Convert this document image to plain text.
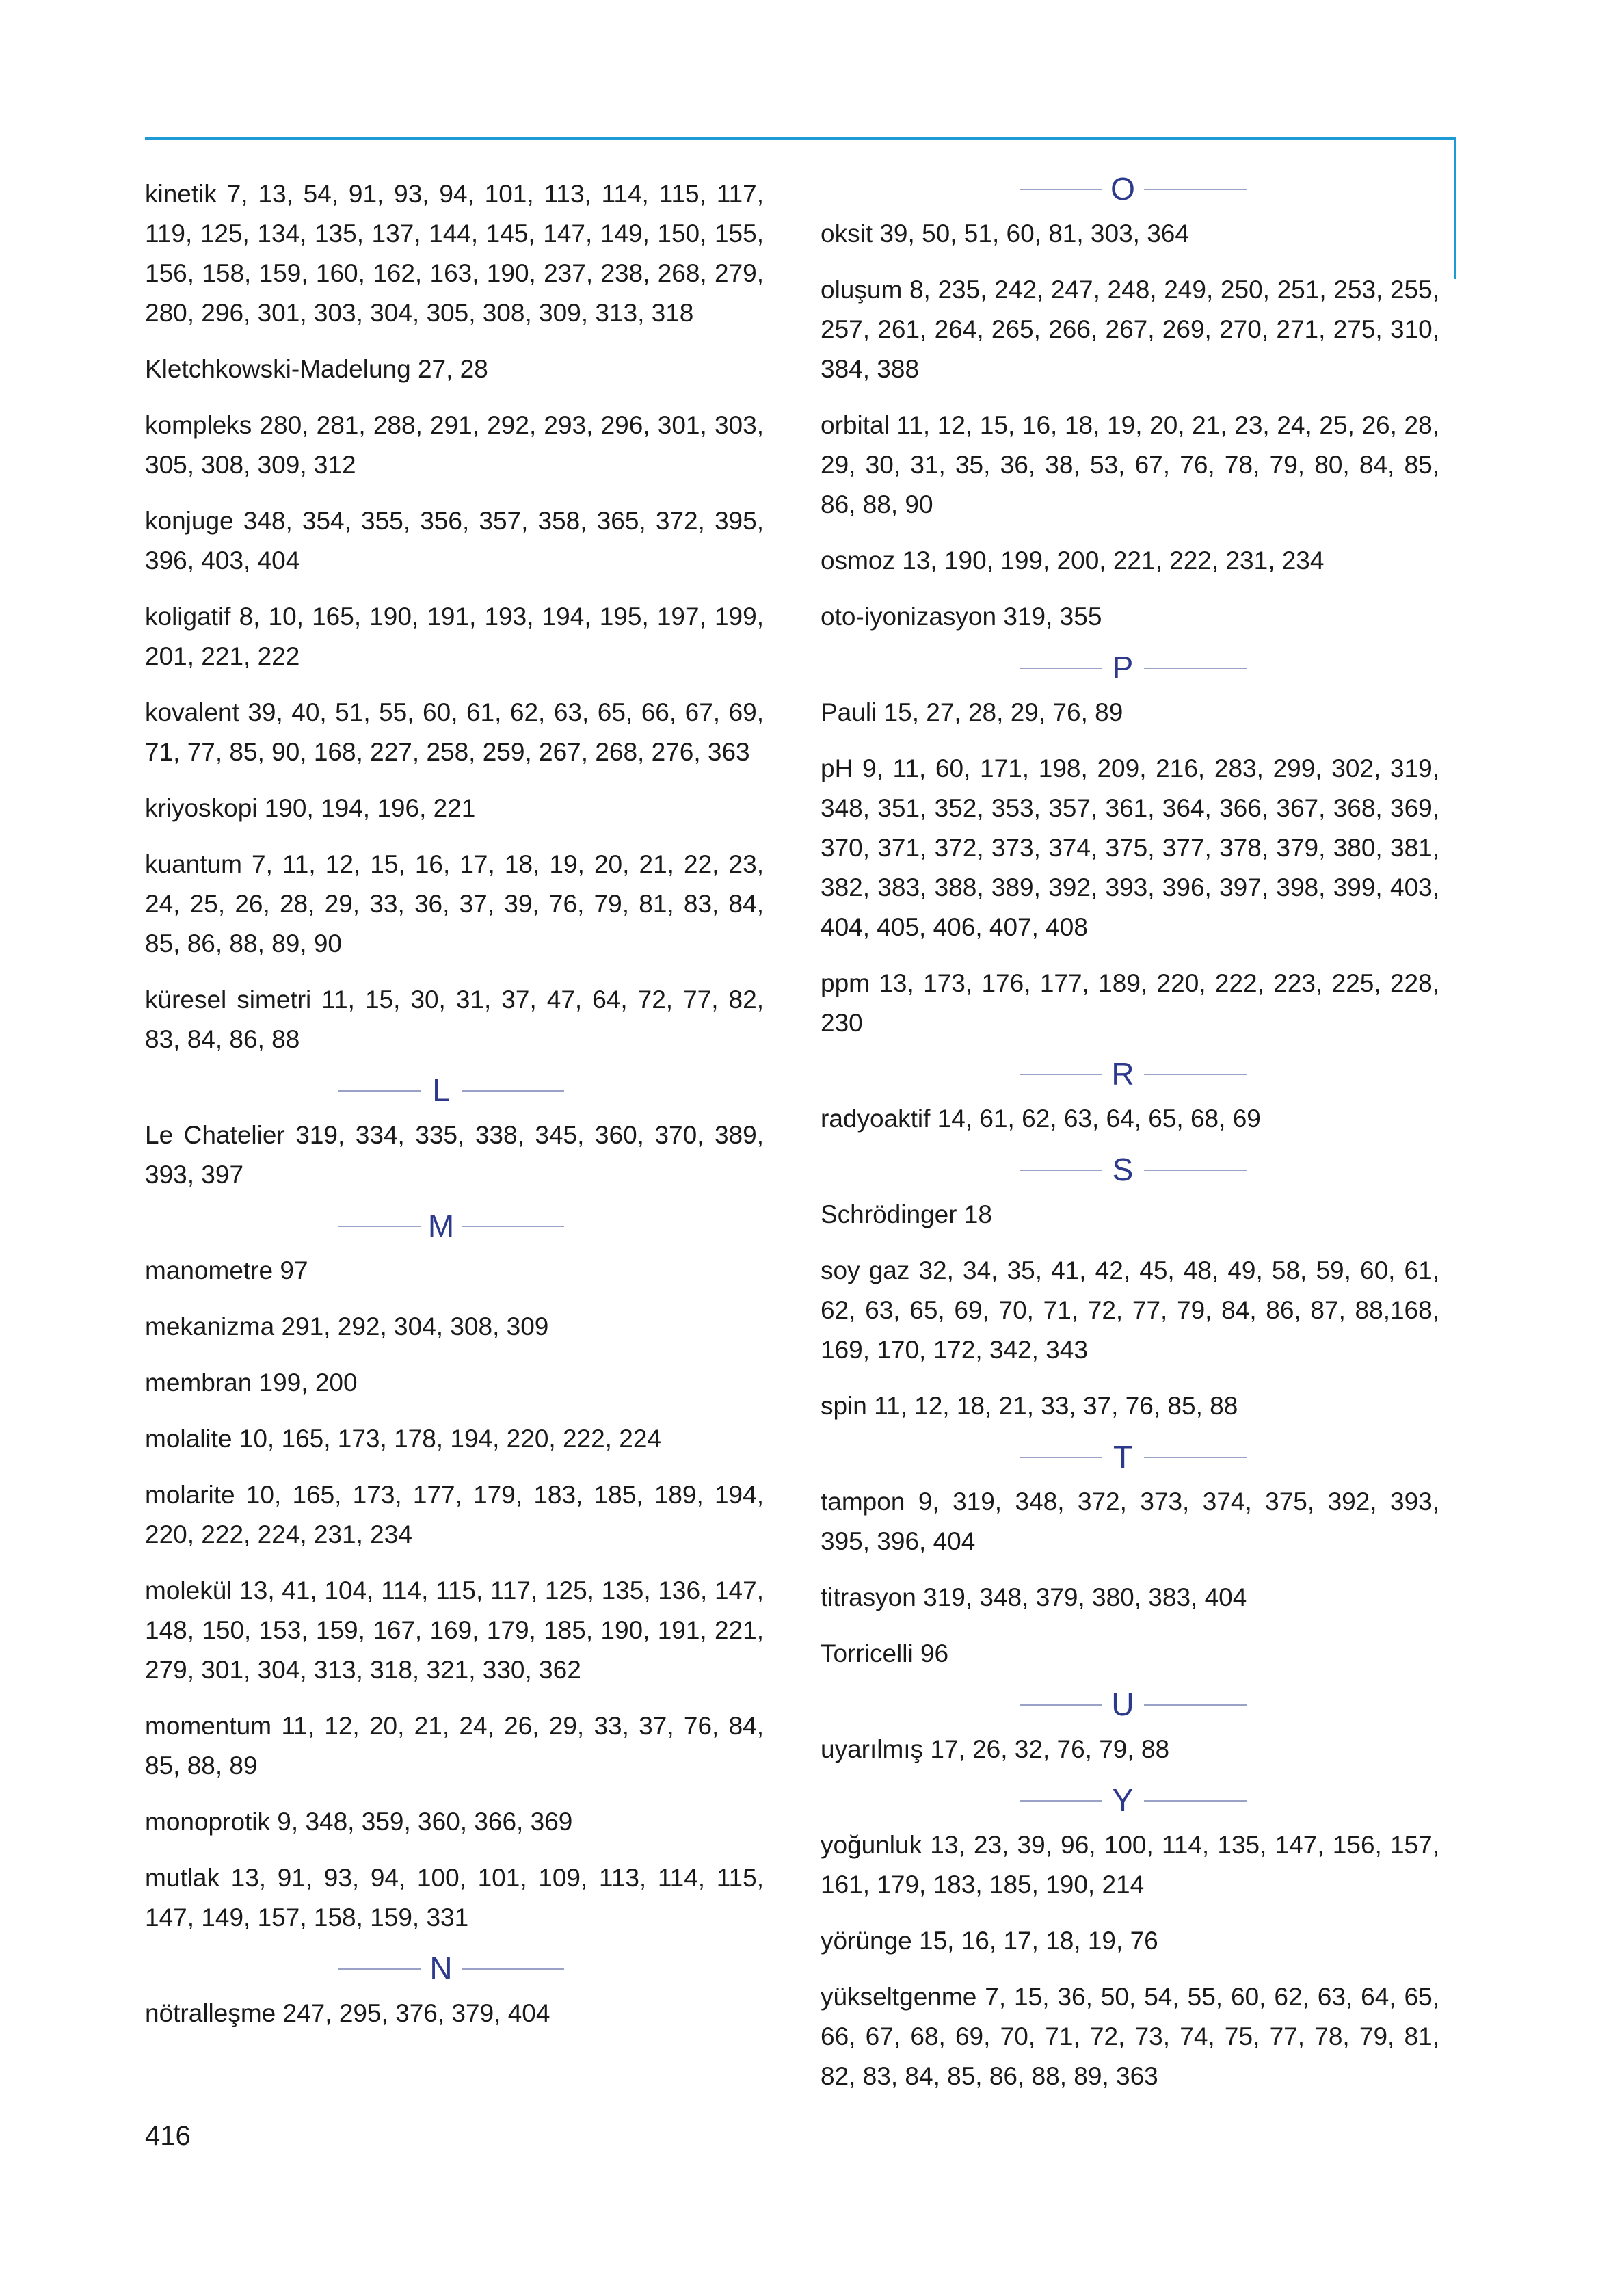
kinetik 7, 13, 54, 91, 93, 94, 101, 113, 114, 115, 117, 119, 125, 134, 135, 137, 144, 145, 147, 149, 150, 155, 156, 158, 159, 160, 162, 163, 190, 237, 238, 268, 279, 280, 296, 301, 303, 304, 305, 308, 309, 313, 318
Kletchkowski-Madelung 27, 28
kompleks 280, 281, 288, 291, 292, 293, 296, 301, 303, 305, 308, 309, 312
konjuge 348, 354, 355, 356, 357, 358, 365, 372, 395, 396, 403, 404
koligatif 8, 10, 165, 190, 191, 193, 194, 195, 197, 199, 201, 221, 222
kovalent 39, 40, 51, 55, 60, 61, 62, 63, 65, 66, 67, 69, 71, 77, 85, 90, 168, 227, 258, 259, 267, 268, 276, 363
kriyoskopi 190, 194, 196, 221
kuantum 7, 11, 12, 15, 16, 17, 18, 19, 20, 21, 22, 23, 24, 25, 26, 28, 29, 33, 36, 37, 39, 76, 79, 81, 83, 84, 85, 86, 88, 89, 90
küresel simetri 11, 15, 30, 31, 37, 47, 64, 72, 77, 82, 83, 84, 86, 88
L
Le Chatelier 319, 334, 335, 338, 345, 360, 370, 389, 393, 397
M
manometre 97
mekanizma 291, 292, 304, 308, 309
membran 199, 200
molalite 10, 165, 173, 178, 194, 220, 222, 224
molarite 10, 165, 173, 177, 179, 183, 185, 189, 194, 220, 222, 224, 231, 234
molekül 13, 41, 104, 114, 115, 117, 125, 135, 136, 147, 148, 150, 153, 159, 167, 169, 179, 185, 190, 191, 221, 279, 301, 304, 313, 318, 321, 330, 362
momentum 11, 12, 20, 21, 24, 26, 29, 33, 37, 76, 84, 85, 88, 89
monoprotik 9, 348, 359, 360, 366, 369
mutlak 13, 91, 93, 94, 100, 101, 109, 113, 114, 115, 147, 149, 157, 158, 159, 331
N
nötralleşme 247, 295, 376, 379, 404
O
oksit 39, 50, 51, 60, 81, 303, 364
oluşum 8, 235, 242, 247, 248, 249, 250, 251, 253, 255, 257, 261, 264, 265, 266, 267, 269, 270, 271, 275, 310, 384, 388
orbital 11, 12, 15, 16, 18, 19, 20, 21, 23, 24, 25, 26, 28, 29, 30, 31, 35, 36, 38, 53, 67, 76, 78, 79, 80, 84, 85, 86, 88, 90
osmoz 13, 190, 199, 200, 221, 222, 231, 234
oto-iyonizasyon 319, 355
P
Pauli 15, 27, 28, 29, 76, 89
pH 9, 11, 60, 171, 198, 209, 216, 283, 299, 302, 319, 348, 351, 352, 353, 357, 361, 364, 366, 367, 368, 369, 370, 371, 372, 373, 374, 375, 377, 378, 379, 380, 381, 382, 383, 388, 389, 392, 393, 396, 397, 398, 399, 403, 404, 405, 406, 407, 408
ppm 13, 173, 176, 177, 189, 220, 222, 223, 225, 228, 230
R
radyoaktif 14, 61, 62, 63, 64, 65, 68, 69
S
Schrödinger 18
soy gaz 32, 34, 35, 41, 42, 45, 48, 49, 58, 59, 60, 61, 62, 63, 65, 69, 70, 71, 72, 77, 79, 84, 86, 87, 88,168, 169, 170, 172, 342, 343
spin 11, 12, 18, 21, 33, 37, 76, 85, 88
T
tampon 9, 319, 348, 372, 373, 374, 375, 392, 393, 395, 396, 404
titrasyon 319, 348, 379, 380, 383, 404
Torricelli 96
U
uyarılmış 17, 26, 32, 76, 79, 88
Y
yoğunluk 13, 23, 39, 96, 100, 114, 135, 147, 156, 157, 161, 179, 183, 185, 190, 214
yörünge 15, 16, 17, 18, 19, 76
yükseltgenme 7, 15, 36, 50, 54, 55, 60, 62, 63, 64, 65, 66, 67, 68, 69, 70, 71, 72, 73, 74, 75, 77, 78, 79, 81, 82, 83, 84, 85, 86, 88, 89, 363
416
